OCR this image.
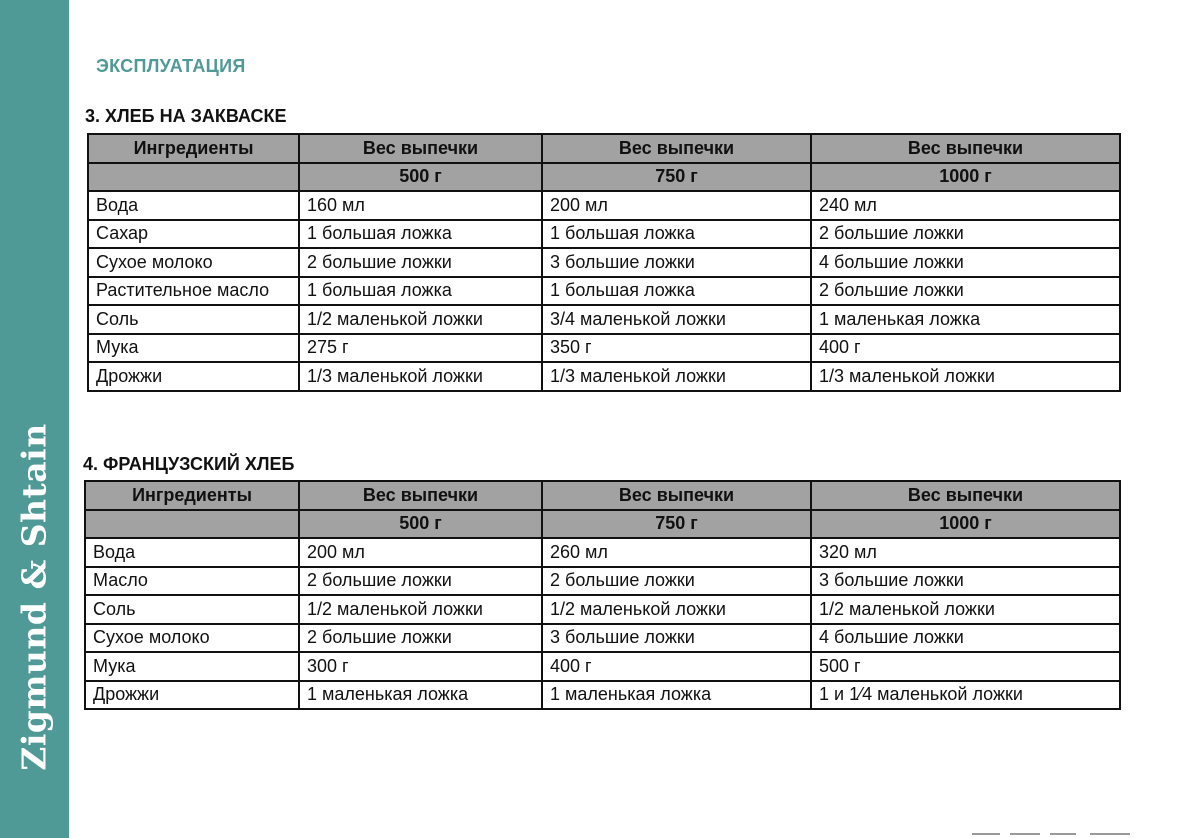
Zigmund & Shtain
ЭКСПЛУАТАЦИЯ
3. ХЛЕБ НА ЗАКВАСКЕ
Ингредиенты	Вес выпечки	Вес выпечки	Вес выпечки
	500 г	750 г	1000 г
Вода	160 мл	200 мл	240 мл
Сахар	1 большая ложка	1 большая ложка	2 большие ложки
Сухое молоко	2 большие ложки	3 большие ложки	4 большие ложки
Растительное масло	1 большая ложка	1 большая ложка	2 большие ложки
Соль	1/2 маленькой ложки	3/4 маленькой ложки	1 маленькая ложка
Мука	275 г	350 г	400 г
Дрожжи	1/3 маленькой ложки	1/3 маленькой ложки	1/3 маленькой ложки
4. ФРАНЦУЗСКИЙ ХЛЕБ
Ингредиенты	Вес выпечки	Вес выпечки	Вес выпечки
	500 г	750 г	1000 г
Вода	200 мл	260 мл	320 мл
Масло	2 большие ложки	2 большие ложки	3 большие ложки
Соль	1/2 маленькой ложки	1/2 маленькой ложки	1/2 маленькой ложки
Сухое молоко	2 большие ложки	3 большие ложки	4 большие ложки
Мука	300 г	400 г	500 г
Дрожжи	1 маленькая ложка	1 маленькая ложка	1 и 1⁄4 маленькой ложки
